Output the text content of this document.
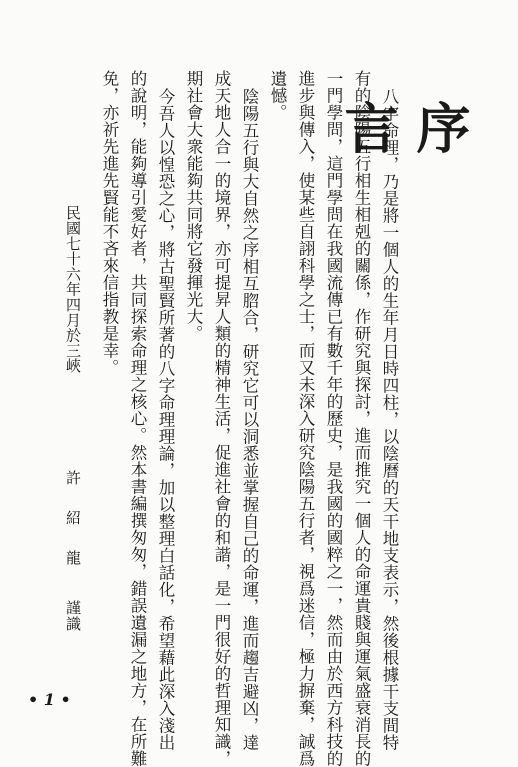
序言
八字命理，乃是將一個人的生年月日時四柱，以陰曆的天干地支表示，然後根據干支間特
有的陰陽五行相生相剋的關係，作研究與探討，進而推究一個人的命運貴賤與運氣盛衰消長的
一門學問，這門學問在我國流傳已有數千年的歷史，是我國的國粹之一，然而由於西方科技的
進步與傳入，使某些自詡科學之士，而又未深入研究陰陽五行者，視爲迷信，極力摒棄，誠爲
遺憾。
陰陽五行與大自然之序相互脗合，研究它可以洞悉並掌握自己的命運，進而趨吉避凶，達
成天地人合一的境界，亦可提昇人類的精神生活，促進社會的和諧，是一門很好的哲理知識，
期社會大衆能夠共同將它發揮光大。
今吾人以惶恐之心，將古聖賢所著的八字命理理論，加以整理白話化，希望藉此深入淺出
的說明，能夠導引愛好者，共同探索命理之核心。然本書編撰匆匆，錯誤遺漏之地方，在所難
免，亦祈先進先賢能不吝來信指教是幸。
民國七十六年四月於三峽
許
紹
龍
謹識
• 1 •
